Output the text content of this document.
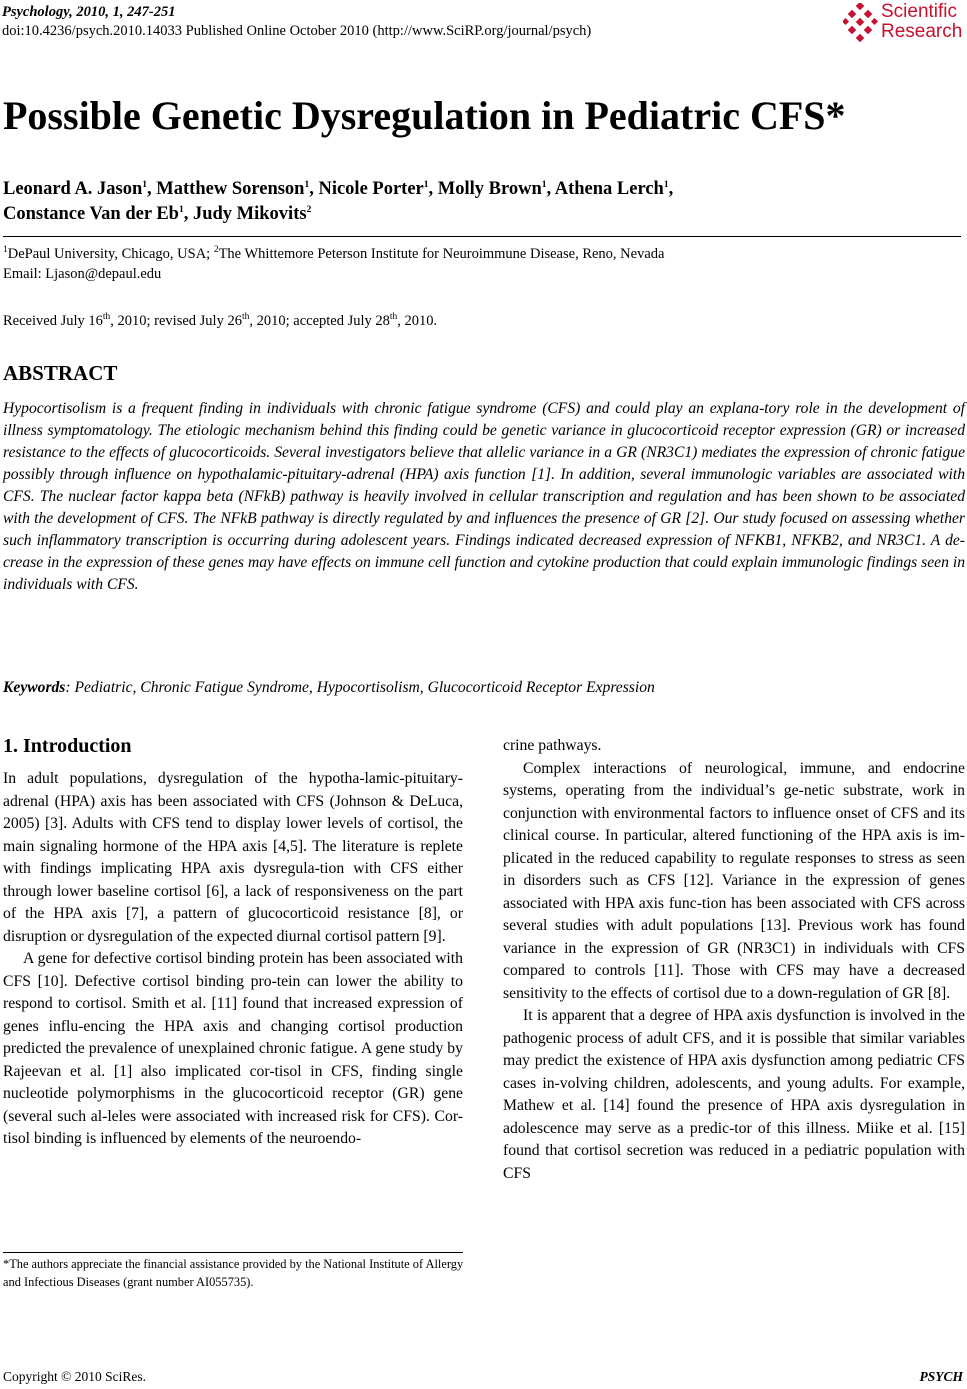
Psychology, 2010, 1, 247-251
doi:10.4236/psych.2010.14033 Published Online October 2010 (http://www.SciRP.org/journal/psych)
Scientific
Research
Possible Genetic Dysregulation in Pediatric CFS*
Leonard A. Jason$^1$, Matthew Sorenson$^1$, Nicole Porter$^1$, Molly Brown$^1$, Athena Lerch$^1$,
Constance Van der Eb$^1$, Judy Mikovits$^2$
$^1$DePaul University, Chicago, USA; $^2$The Whittemore Peterson Institute for Neuroimmune Disease, Reno, Nevada
Email: Ljason@depaul.edu
Received July 16th, 2010; revised July 26th, 2010; accepted July 28th, 2010.
ABSTRACT
Hypocortisolism is a frequent finding in individuals with chronic fatigue syndrome (CFS) and could play an explana-tory role in the development of illness symptomatology. The etiologic mechanism behind this finding could be genetic variance in glucocorticoid receptor expression (GR) or increased resistance to the effects of glucocorticoids. Several investigators believe that allelic variance in a GR (NR3C1) mediates the expression of chronic fatigue possibly through influence on hypothalamic-pituitary-adrenal (HPA) axis function [1]. In addition, several immunologic variables are associated with CFS. The nuclear factor kappa beta (NFkB) pathway is heavily involved in cellular transcription and regulation and has been shown to be associated with the development of CFS. The NFkB pathway is directly regulated by and influences the presence of GR [2]. Our study focused on assessing whether such inflammatory transcription is occurring during adolescent years. Findings indicated decreased expression of NFKB1, NFKB2, and NR3C1. A de-crease in the expression of these genes may have effects on immune cell function and cytokine production that could explain immunologic findings seen in individuals with CFS.
Keywords: Pediatric, Chronic Fatigue Syndrome, Hypocortisolism, Glucocorticoid Receptor Expression
1. Introduction

In adult populations, dysregulation of the hypotha-lamic-pituitary-adrenal (HPA) axis has been associated with CFS (Johnson & DeLuca, 2005) [3]. Adults with CFS tend to display lower levels of cortisol, the main signaling hormone of the HPA axis [4,5]. The literature is replete with findings implicating HPA axis dysregula-tion with CFS either through lower baseline cortisol [6], a lack of responsiveness on the part of the HPA axis [7], a pattern of glucocorticoid resistance [8], or disruption or dysregulation of the expected diurnal cortisol pattern [9].

A gene for defective cortisol binding protein has been associated with CFS [10]. Defective cortisol binding pro-tein can lower the ability to respond to cortisol. Smith et al. [11] found that increased expression of genes influ-encing the HPA axis and changing cortisol production predicted the prevalence of unexplained chronic fatigue. A gene study by Rajeevan et al. [1] also implicated cor-tisol in CFS, finding single nucleotide polymorphisms in the glucocorticoid receptor (GR) gene (several such al-leles were associated with increased risk for CFS). Cor-tisol binding is influenced by elements of the neuroendo-

crine pathways.

Complex interactions of neurological, immune, and endocrine systems, operating from the individual’s ge-netic substrate, work in conjunction with environmental factors to influence onset of CFS and its clinical course. In particular, altered functioning of the HPA axis is im-plicated in the reduced capability to regulate responses to stress as seen in disorders such as CFS [12]. Variance in the expression of genes associated with HPA axis func-tion has been associated with CFS across several studies with adult populations [13]. Previous work has found variance in the expression of GR (NR3C1) in individuals with CFS compared to controls [11]. Those with CFS may have a decreased sensitivity to the effects of cortisol due to a down-regulation of GR [8].

It is apparent that a degree of HPA axis dysfunction is involved in the pathogenic process of adult CFS, and it is possible that similar variables may predict the existence of HPA axis dysfunction among pediatric CFS cases in-volving children, adolescents, and young adults. For example, Mathew et al. [14] found the presence of HPA axis dysregulation in adolescence may serve as a predic-tor of this illness. Miike et al. [15] found that cortisol secretion was reduced in a pediatric population with CFS

*The authors appreciate the financial assistance provided by the National Institute of Allergy and Infectious Diseases (grant number AI055735).
Copyright © 2010 SciRes.	PSYCH
